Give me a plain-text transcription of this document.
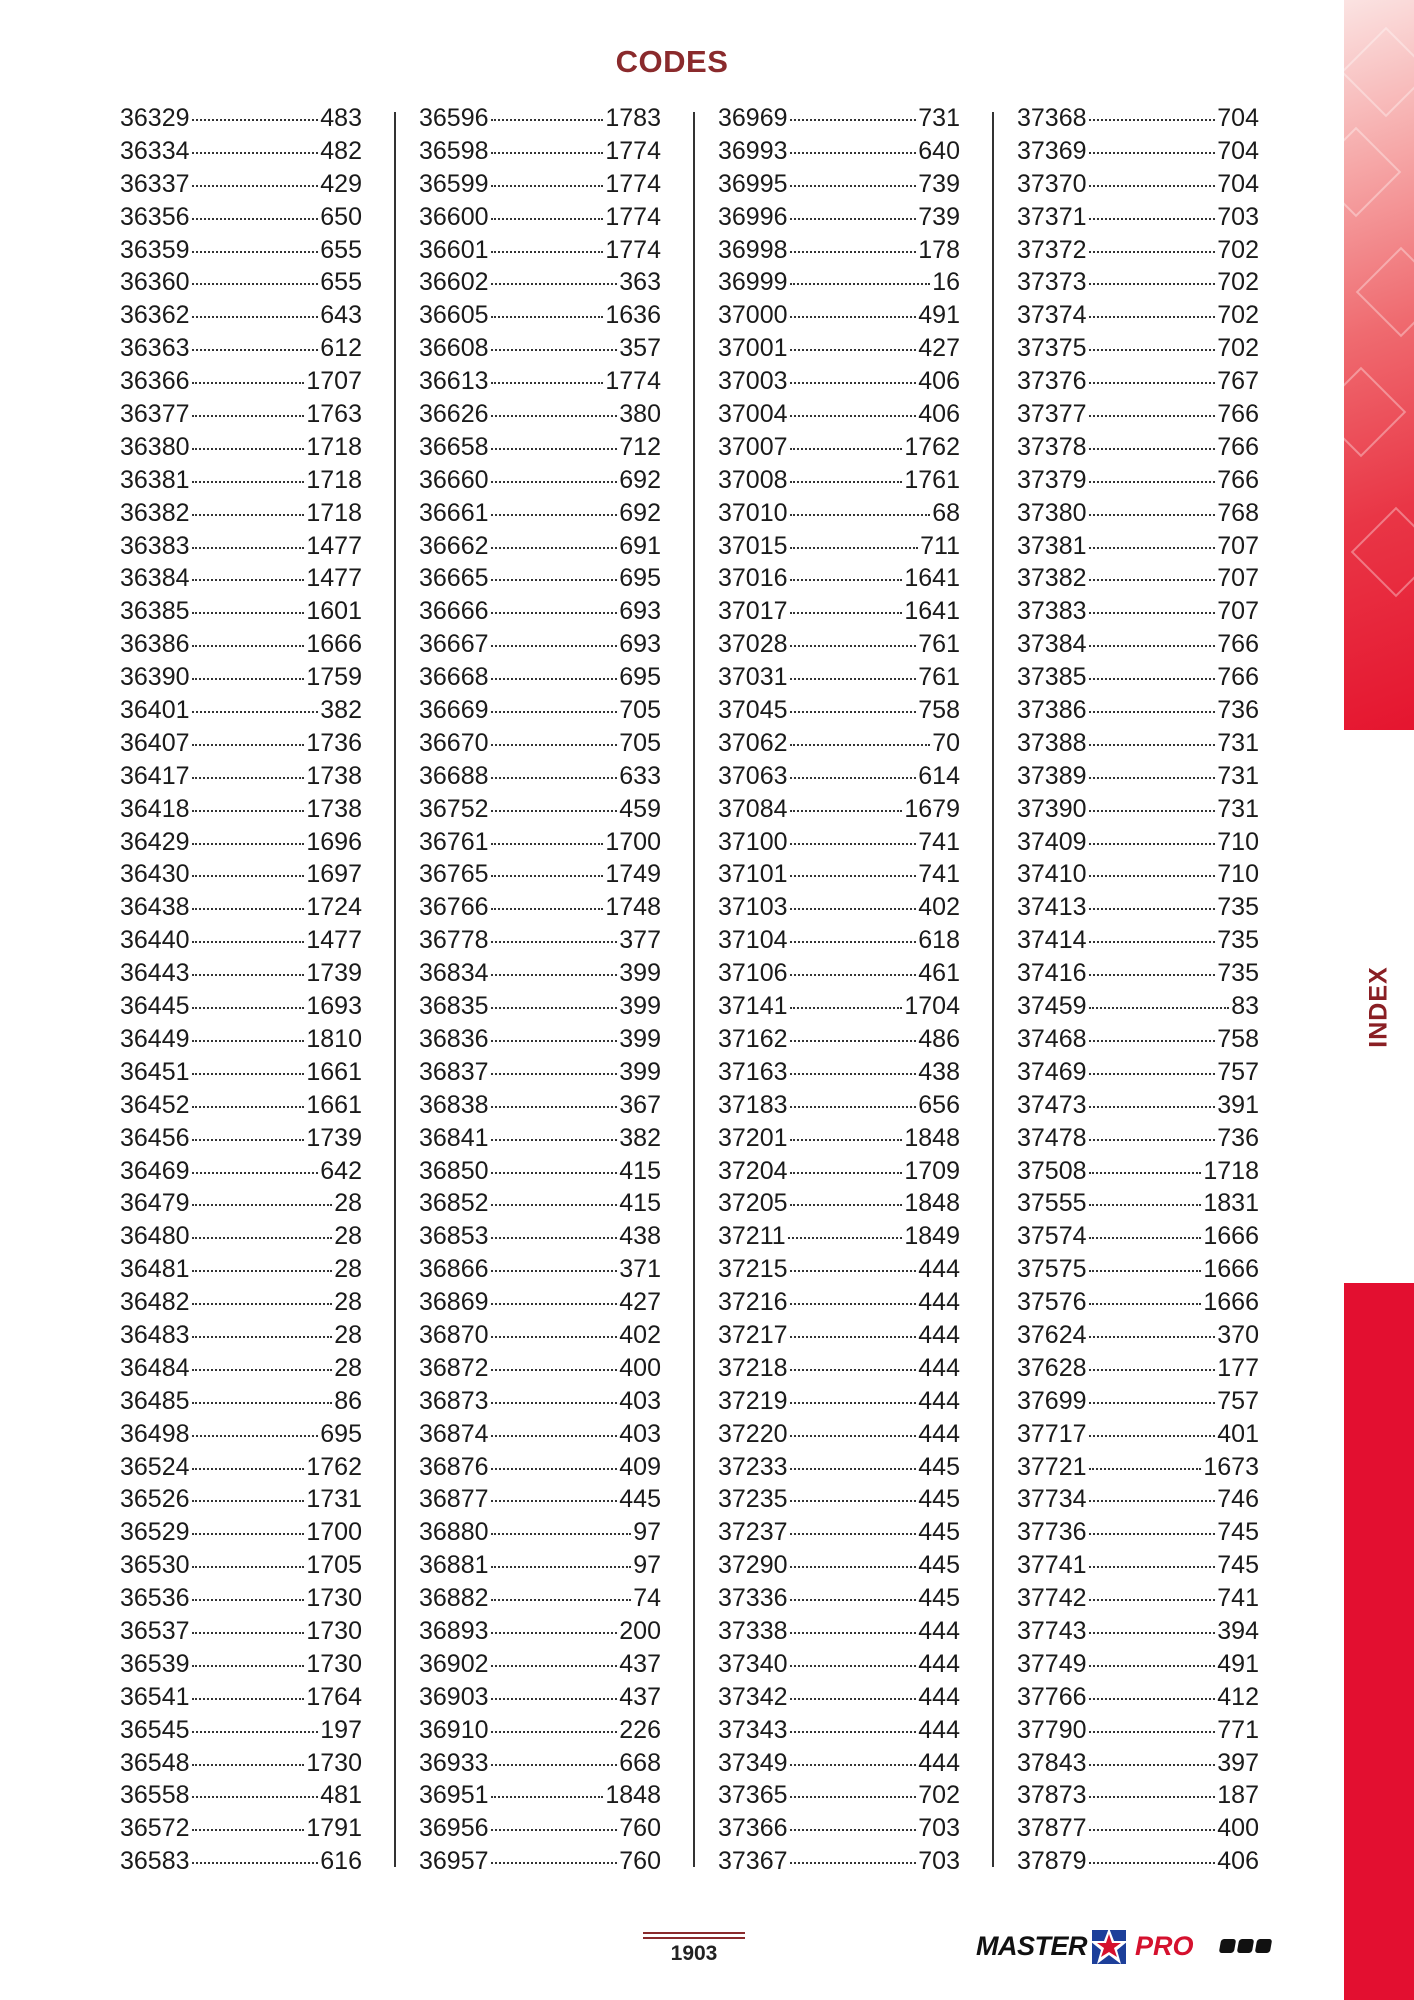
CODES
INDEX
36329	483
36334	482
36337	429
36356	650
36359	655
36360	655
36362	643
36363	612
36366	1707
36377	1763
36380	1718
36381	1718
36382	1718
36383	1477
36384	1477
36385	1601
36386	1666
36390	1759
36401	382
36407	1736
36417	1738
36418	1738
36429	1696
36430	1697
36438	1724
36440	1477
36443	1739
36445	1693
36449	1810
36451	1661
36452	1661
36456	1739
36469	642
36479	28
36480	28
36481	28
36482	28
36483	28
36484	28
36485	86
36498	695
36524	1762
36526	1731
36529	1700
36530	1705
36536	1730
36537	1730
36539	1730
36541	1764
36545	197
36548	1730
36558	481
36572	1791
36583	616
36596	1783
36598	1774
36599	1774
36600	1774
36601	1774
36602	363
36605	1636
36608	357
36613	1774
36626	380
36658	712
36660	692
36661	692
36662	691
36665	695
36666	693
36667	693
36668	695
36669	705
36670	705
36688	633
36752	459
36761	1700
36765	1749
36766	1748
36778	377
36834	399
36835	399
36836	399
36837	399
36838	367
36841	382
36850	415
36852	415
36853	438
36866	371
36869	427
36870	402
36872	400
36873	403
36874	403
36876	409
36877	445
36880	97
36881	97
36882	74
36893	200
36902	437
36903	437
36910	226
36933	668
36951	1848
36956	760
36957	760
36969	731
36993	640
36995	739
36996	739
36998	178
36999	16
37000	491
37001	427
37003	406
37004	406
37007	1762
37008	1761
37010	68
37015	711
37016	1641
37017	1641
37028	761
37031	761
37045	758
37062	70
37063	614
37084	1679
37100	741
37101	741
37103	402
37104	618
37106	461
37141	1704
37162	486
37163	438
37183	656
37201	1848
37204	1709
37205	1848
37211	1849
37215	444
37216	444
37217	444
37218	444
37219	444
37220	444
37233	445
37235	445
37237	445
37290	445
37336	445
37338	444
37340	444
37342	444
37343	444
37349	444
37365	702
37366	703
37367	703
37368	704
37369	704
37370	704
37371	703
37372	702
37373	702
37374	702
37375	702
37376	767
37377	766
37378	766
37379	766
37380	768
37381	707
37382	707
37383	707
37384	766
37385	766
37386	736
37388	731
37389	731
37390	731
37409	710
37410	710
37413	735
37414	735
37416	735
37459	83
37468	758
37469	757
37473	391
37478	736
37508	1718
37555	1831
37574	1666
37575	1666
37576	1666
37624	370
37628	177
37699	757
37717	401
37721	1673
37734	746
37736	745
37741	745
37742	741
37743	394
37749	491
37766	412
37790	771
37843	397
37873	187
37877	400
37879	406
1903	MASTER PRO
